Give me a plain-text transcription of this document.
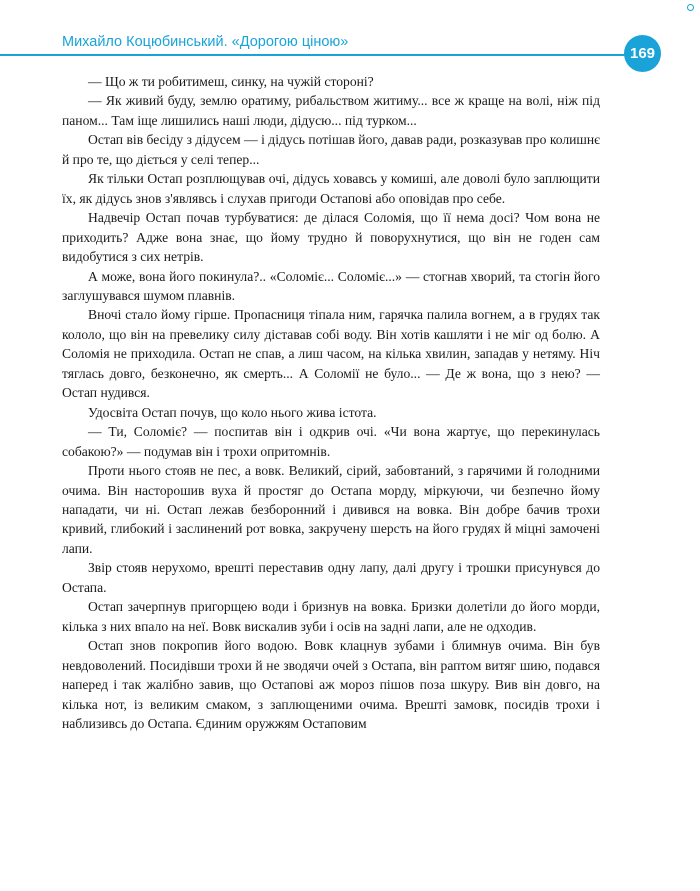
Михайло Коцюбинський. «Дорогою ціною»
169

— Що ж ти робитимеш, синку, на чужій стороні?

— Як живий буду, землю оратиму, рибальством житиму... все ж краще на волі, ніж під паном... Там іще лишились наші люди, дідусю... під турком...

Остап вів бесіду з дідусем — і дідусь потішав його, давав ради, розказував про колишнє й про те, що діється у селі тепер...

Як тільки Остап розплющував очі, дідусь ховавсь у комиші, але доволі було заплющити їх, як дідусь знов з'являвсь і слухав пригоди Остапові або оповідав про себе.

Надвечір Остап почав турбуватися: де ділася Соломія, що її нема досі? Чом вона не приходить? Адже вона знає, що йому трудно й поворухнутися, що він не годен сам видобутися з сих нетрів.

А може, вона його покинула?.. «Соломіє... Соломіє...» — стогнав хворий, та стогін його заглушувався шумом плавнів.

Вночі стало йому гірше. Пропасниця тіпала ним, гарячка палила вогнем, а в грудях так кололо, що він на превелику силу діставав собі воду. Він хотів кашляти і не міг од болю. А Соломія не приходила. Остап не спав, а лиш часом, на кілька хвилин, западав у нетяму. Ніч тяглась довго, безконечно, як смерть... А Соломії не було... — Де ж вона, що з нею? — Остап нудився.

Удосвіта Остап почув, що коло нього жива істота.

— Ти, Соломіє? — поспитав він і одкрив очі. «Чи вона жартує, що перекинулась собакою?» — подумав він і трохи опритомнів.

Проти нього стояв не пес, а вовк. Великий, сірий, забовтаний, з гарячими й голодними очима. Він насторошив вуха й простяг до Остапа морду, міркуючи, чи безпечно йому нападати, чи ні. Остап лежав безборонний і дивився на вовка. Він добре бачив трохи кривий, глибокий і заслинений рот вовка, закручену шерсть на його грудях й міцні замочені лапи.

Звір стояв нерухомо, врешті переставив одну лапу, далі другу і трошки присунувся до Остапа.

Остап зачерпнув пригорщею води і бризнув на вовка. Бризки долетіли до його морди, кілька з них впало на неї. Вовк вискалив зуби і осів на задні лапи, але не одходив.

Остап знов покропив його водою. Вовк клацнув зубами і блимнув очима. Він був невдоволений. Посидівши трохи й не зводячи очей з Остапа, він раптом витяг шию, подався наперед і так жалібно завив, що Остапові аж мороз пішов поза шкуру. Вив він довго, на кілька нот, із великим смаком, з заплющеними очима. Врешті замовк, посидів трохи і наблизивсь до Остапа. Єдиним оружжям Остаповим
